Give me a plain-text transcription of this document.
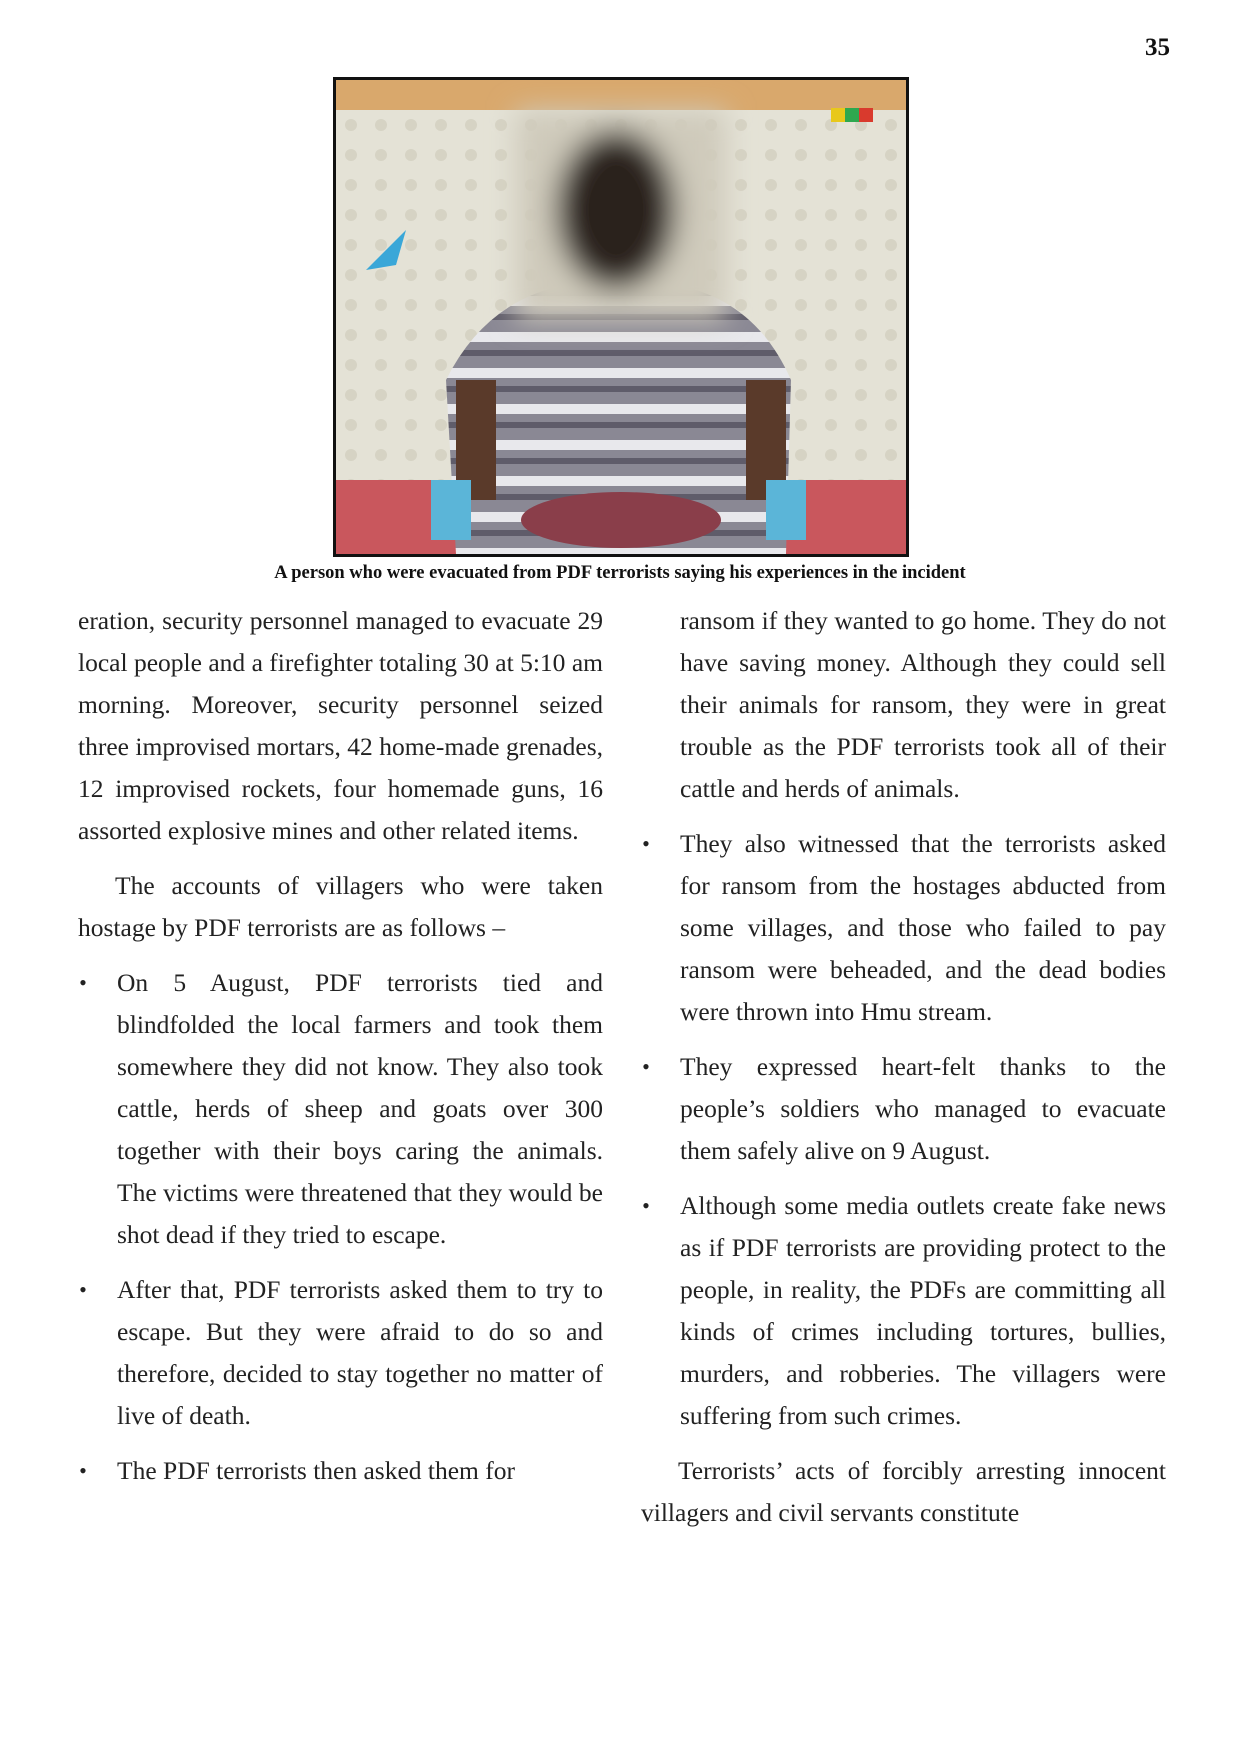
35
A person who were evacuated from PDF terrorists saying his experiences in the incident

eration, security personnel managed to evacuate 29 local people and a firefighter totaling 30 at 5:10 am morning. Moreover, security personnel seized three improvised mortars, 42 home-made grenades, 12 improvised rockets, four homemade guns, 16 assorted explosive mines and other related items.

The accounts of villagers who were taken hostage by PDF terrorists are as follows –

• On 5 August, PDF terrorists tied and blindfolded the local farmers and took them somewhere they did not know. They also took cattle, herds of sheep and goats over 300 together with their boys caring the animals. The victims were threatened that they would be shot dead if they tried to escape.
• After that, PDF terrorists asked them to try to escape. But they were afraid to do so and therefore, decided to stay together no matter of live of death.
• The PDF terrorists then asked them for
ransom if they wanted to go home. They do not have saving money. Although they could sell their animals for ransom, they were in great trouble as the PDF terrorists took all of their cattle and herds of animals.
• They also witnessed that the terrorists asked for ransom from the hostages abducted from some villages, and those who failed to pay ransom were beheaded, and the dead bodies were thrown into Hmu stream.
• They expressed heart-felt thanks to the people’s soldiers who managed to evacuate them safely alive on 9 August.
• Although some media outlets create fake news as if PDF terrorists are providing protect to the people, in reality, the PDFs are committing all kinds of crimes including tortures, bullies, murders, and robberies. The villagers were suffering from such crimes.

Terrorists’ acts of forcibly arresting innocent villagers and civil servants constitute
